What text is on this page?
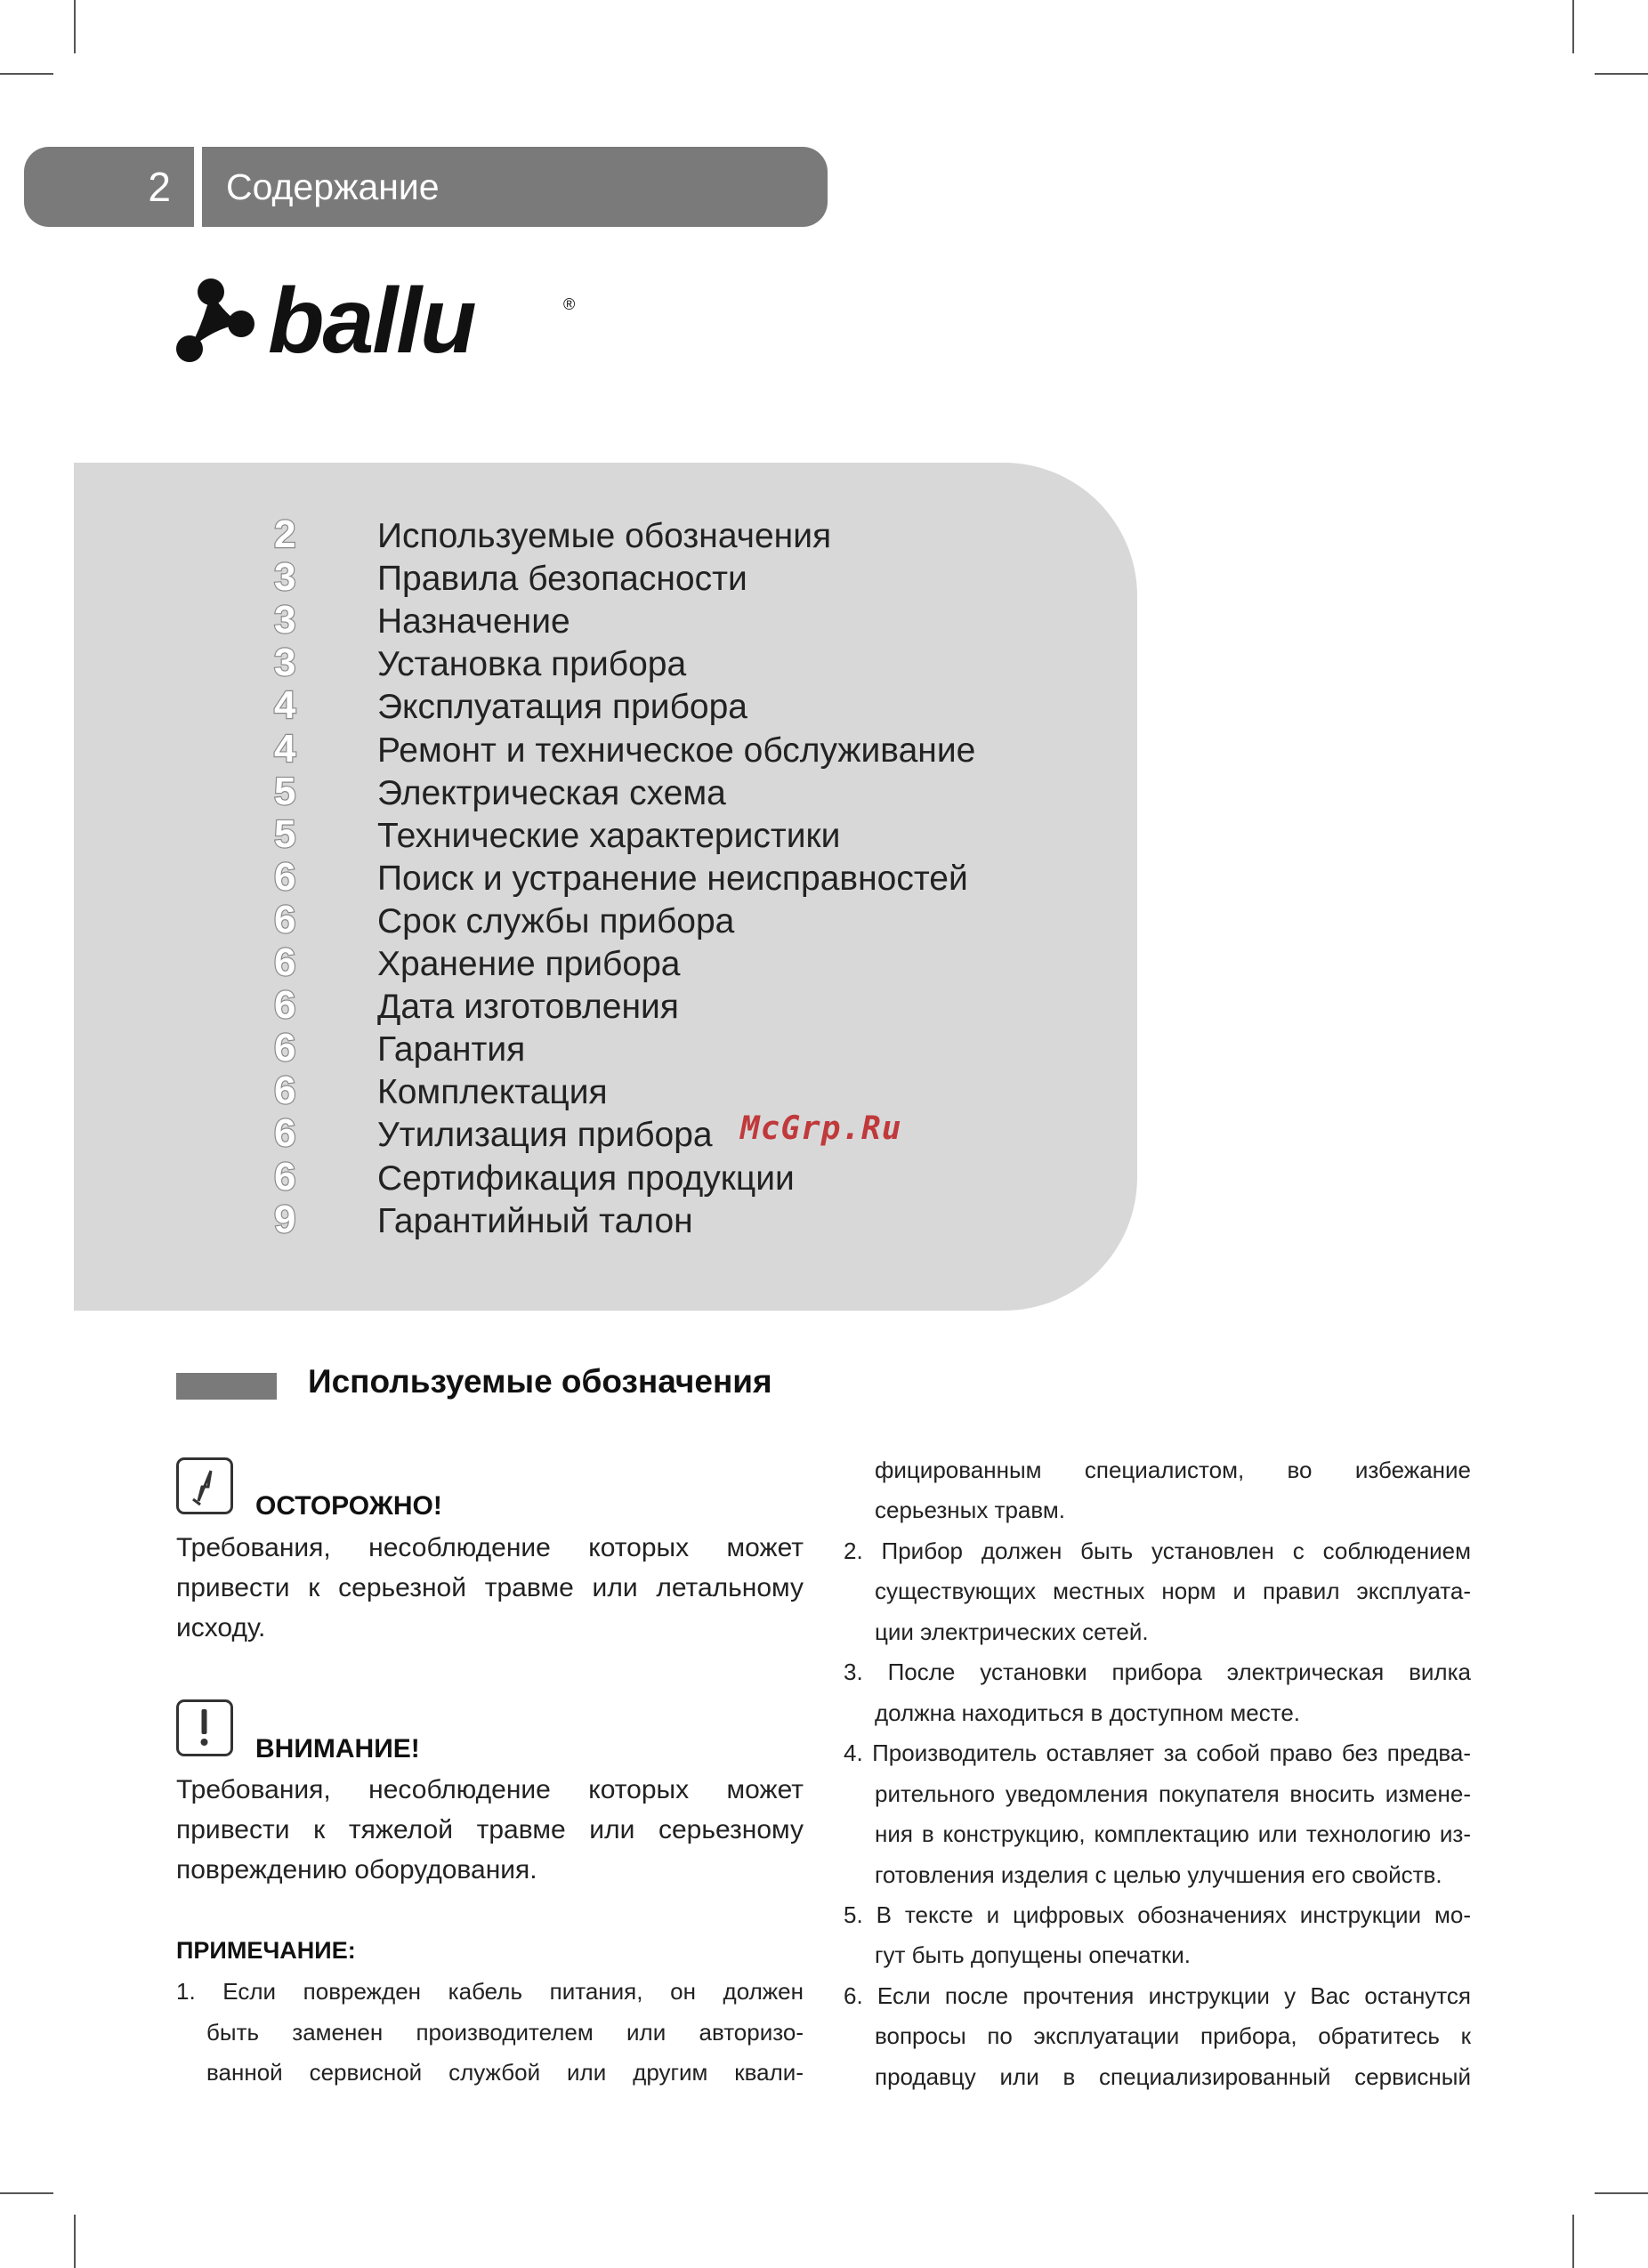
2 Содержание
ballu	®
2	Используемые обозначения
3	Правила безопасности
3	Назначение
3	Установка прибора
4	Эксплуатация прибора
4	Ремонт и техническое обслуживание
5	Электрическая схема
5	Технические характеристики
6	Поиск и устранение неисправностей
6	Срок службы прибора
6	Хранение прибора
6	Дата изготовления
6	Гарантия
6	Комплектация
6	Утилизация прибора
6	Сертификация продукции
9	Гарантийный талон
McGrp.Ru
Используемые обозначения
ОСТОРОЖНО!
Требования, несоблюдение которых может
привести к серьезной травме или летальному
исходу.
ВНИМАНИЕ!
Требования, несоблюдение которых может
привести к тяжелой травме или серьезному
повреждению оборудования.
ПРИМЕЧАНИЕ:
1. Если поврежден кабель питания, он должен
быть заменен производителем или авторизо-
ванной сервисной службой или другим квали-
фицированным специалистом, во избежание
серьезных травм.
2. Прибор должен быть установлен с соблюдением
существующих местных норм и правил эксплуата-
ции электрических сетей.
3. После установки прибора электрическая вилка
должна находиться в доступном месте.
4. Производитель оставляет за собой право без предва-
рительного уведомления покупателя вносить измене-
ния в конструкцию, комплектацию или технологию из-
готовления изделия с целью улучшения его свойств.
5. В тексте и цифровых обозначениях инструкции мо-
гут быть допущены опечатки.
6. Если после прочтения инструкции у Вас останутся
вопросы по эксплуатации прибора, обратитесь к
продавцу или в специализированный сервисный
